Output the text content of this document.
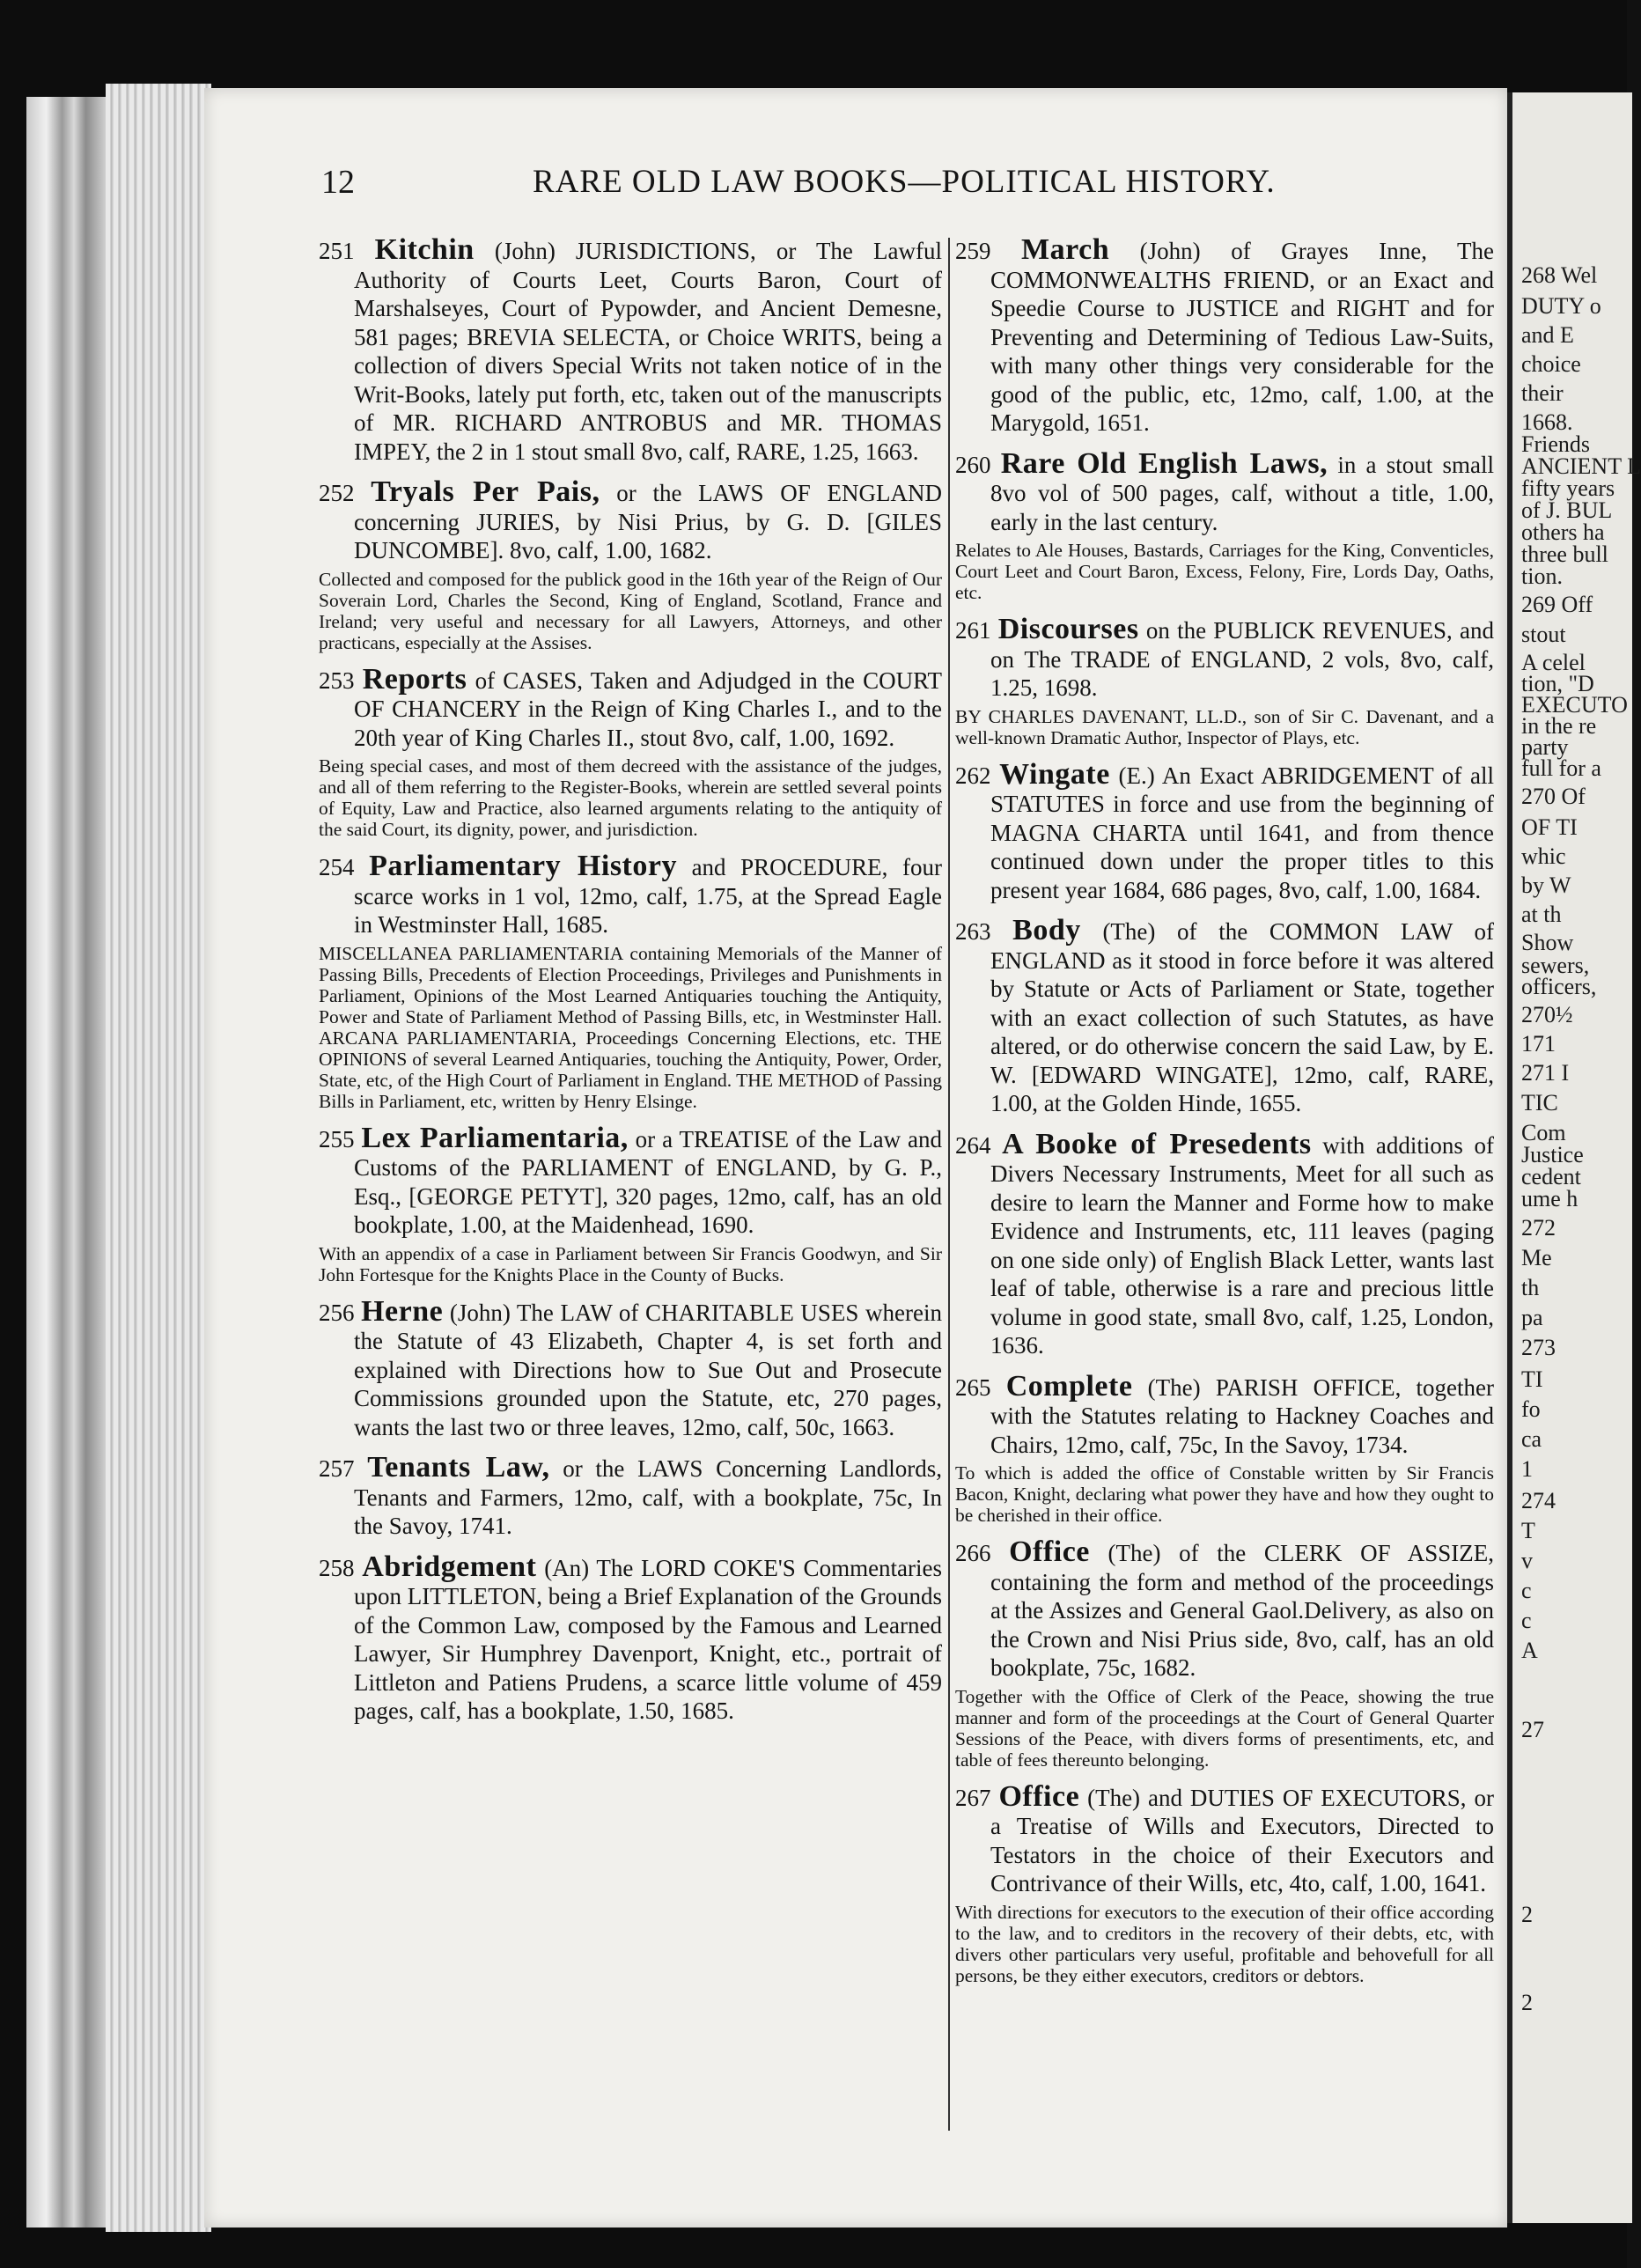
268 Wel
DUTY o
and E
choice
their
1668.
Friends
ANCIENT L
fifty years
of J. BUL
others ha
three bull
tion.
269 Off
stout
A celel
tion, "D
EXECUTO
in the re
party
full for a
270 Of
OF TI
whic
by W
at th
Show
sewers,
officers,
270½
171
271 I
TIC
Com
Justice
cedent
ume h
272
Me
th
pa
273
TI
fo
ca
1
274
T
v
c
c
A
27
2
2
12	RARE OLD LAW BOOKS—POLITICAL HISTORY.
251 Kitchin (John) JURISDICTIONS, or The Lawful Authority of Courts Leet, Courts Baron, Court of Marshalseyes, Court of Pypowder, and Ancient Demesne, 581 pages; BREVIA SELECTA, or Choice WRITS, being a collection of divers Special Writs not taken notice of in the Writ-Books, lately put forth, etc, taken out of the manuscripts of MR. RICHARD ANTROBUS and MR. THOMAS IMPEY, the 2 in 1 stout small 8vo, calf, RARE, 1.25, 1663.
252 Tryals Per Pais, or the LAWS OF ENGLAND concerning JURIES, by Nisi Prius, by G. D. [GILES DUNCOMBE]. 8vo, calf, 1.00, 1682.
Collected and composed for the publick good in the 16th year of the Reign of Our Soverain Lord, Charles the Second, King of England, Scotland, France and Ireland; very useful and necessary for all Lawyers, Attorneys, and other practicans, especially at the Assises.
253 Reports of CASES, Taken and Adjudged in the COURT OF CHANCERY in the Reign of King Charles I., and to the 20th year of King Charles II., stout 8vo, calf, 1.00, 1692.
Being special cases, and most of them decreed with the assistance of the judges, and all of them referring to the Register-Books, wherein are settled several points of Equity, Law and Practice, also learned arguments relating to the antiquity of the said Court, its dignity, power, and jurisdiction.
254 Parliamentary History and PROCEDURE, four scarce works in 1 vol, 12mo, calf, 1.75, at the Spread Eagle in Westminster Hall, 1685.
MISCELLANEA PARLIAMENTARIA containing Memorials of the Manner of Passing Bills, Precedents of Election Proceedings, Privileges and Punishments in Parliament, Opinions of the Most Learned Antiquaries touching the Antiquity, Power and State of Parliament Method of Passing Bills, etc, in Westminster Hall. ARCANA PARLIAMENTARIA, Proceedings Concerning Elections, etc. THE OPINIONS of several Learned Antiquaries, touching the Antiquity, Power, Order, State, etc, of the High Court of Parliament in England. THE METHOD of Passing Bills in Parliament, etc, written by Henry Elsinge.
255 Lex Parliamentaria, or a TREATISE of the Law and Customs of the PARLIAMENT of ENGLAND, by G. P., Esq., [GEORGE PETYT], 320 pages, 12mo, calf, has an old bookplate, 1.00, at the Maidenhead, 1690.
With an appendix of a case in Parliament between Sir Francis Goodwyn, and Sir John Fortesque for the Knights Place in the County of Bucks.
256 Herne (John) The LAW of CHARITABLE USES wherein the Statute of 43 Elizabeth, Chapter 4, is set forth and explained with Directions how to Sue Out and Prosecute Commissions grounded upon the Statute, etc, 270 pages, wants the last two or three leaves, 12mo, calf, 50c, 1663.
257 Tenants Law, or the LAWS Concerning Landlords, Tenants and Farmers, 12mo, calf, with a bookplate, 75c, In the Savoy, 1741.
258 Abridgement (An) The LORD COKE'S Commentaries upon LITTLETON, being a Brief Explanation of the Grounds of the Common Law, composed by the Famous and Learned Lawyer, Sir Humphrey Davenport, Knight, etc., portrait of Littleton and Patiens Prudens, a scarce little volume of 459 pages, calf, has a bookplate, 1.50, 1685.
259 March (John) of Grayes Inne, The COMMONWEALTHS FRIEND, or an Exact and Speedie Course to JUSTICE and RIGHT and for Preventing and Determining of Tedious Law-Suits, with many other things very considerable for the good of the public, etc, 12mo, calf, 1.00, at the Marygold, 1651.
260 Rare Old English Laws, in a stout small 8vo vol of 500 pages, calf, without a title, 1.00, early in the last century.
Relates to Ale Houses, Bastards, Carriages for the King, Conventicles, Court Leet and Court Baron, Excess, Felony, Fire, Lords Day, Oaths, etc.
261 Discourses on the PUBLICK REVENUES, and on The TRADE of ENGLAND, 2 vols, 8vo, calf, 1.25, 1698.
BY CHARLES DAVENANT, LL.D., son of Sir C. Davenant, and a well-known Dramatic Author, Inspector of Plays, etc.
262 Wingate (E.) An Exact ABRIDGEMENT of all STATUTES in force and use from the beginning of MAGNA CHARTA until 1641, and from thence continued down under the proper titles to this present year 1684, 686 pages, 8vo, calf, 1.00, 1684.
263 Body (The) of the COMMON LAW of ENGLAND as it stood in force before it was altered by Statute or Acts of Parliament or State, together with an exact collection of such Statutes, as have altered, or do otherwise concern the said Law, by E. W. [EDWARD WINGATE], 12mo, calf, RARE, 1.00, at the Golden Hinde, 1655.
264 A Booke of Presedents with additions of Divers Necessary Instruments, Meet for all such as desire to learn the Manner and Forme how to make Evidence and Instruments, etc, 111 leaves (paging on one side only) of English Black Letter, wants last leaf of table, otherwise is a rare and precious little volume in good state, small 8vo, calf, 1.25, London, 1636.
265 Complete (The) PARISH OFFICE, together with the Statutes relating to Hackney Coaches and Chairs, 12mo, calf, 75c, In the Savoy, 1734.
To which is added the office of Constable written by Sir Francis Bacon, Knight, declaring what power they have and how they ought to be cherished in their office.
266 Office (The) of the CLERK OF ASSIZE, containing the form and method of the proceedings at the Assizes and General Gaol.Delivery, as also on the Crown and Nisi Prius side, 8vo, calf, has an old bookplate, 75c, 1682.
Together with the Office of Clerk of the Peace, showing the true manner and form of the proceedings at the Court of General Quarter Sessions of the Peace, with divers forms of presentiments, etc, and table of fees thereunto belonging.
267 Office (The) and DUTIES OF EXECUTORS, or a Treatise of Wills and Executors, Directed to Testators in the choice of their Executors and Contrivance of their Wills, etc, 4to, calf, 1.00, 1641.
With directions for executors to the execution of their office according to the law, and to creditors in the recovery of their debts, etc, with divers other particulars very useful, profitable and behovefull for all persons, be they either executors, creditors or debtors.
